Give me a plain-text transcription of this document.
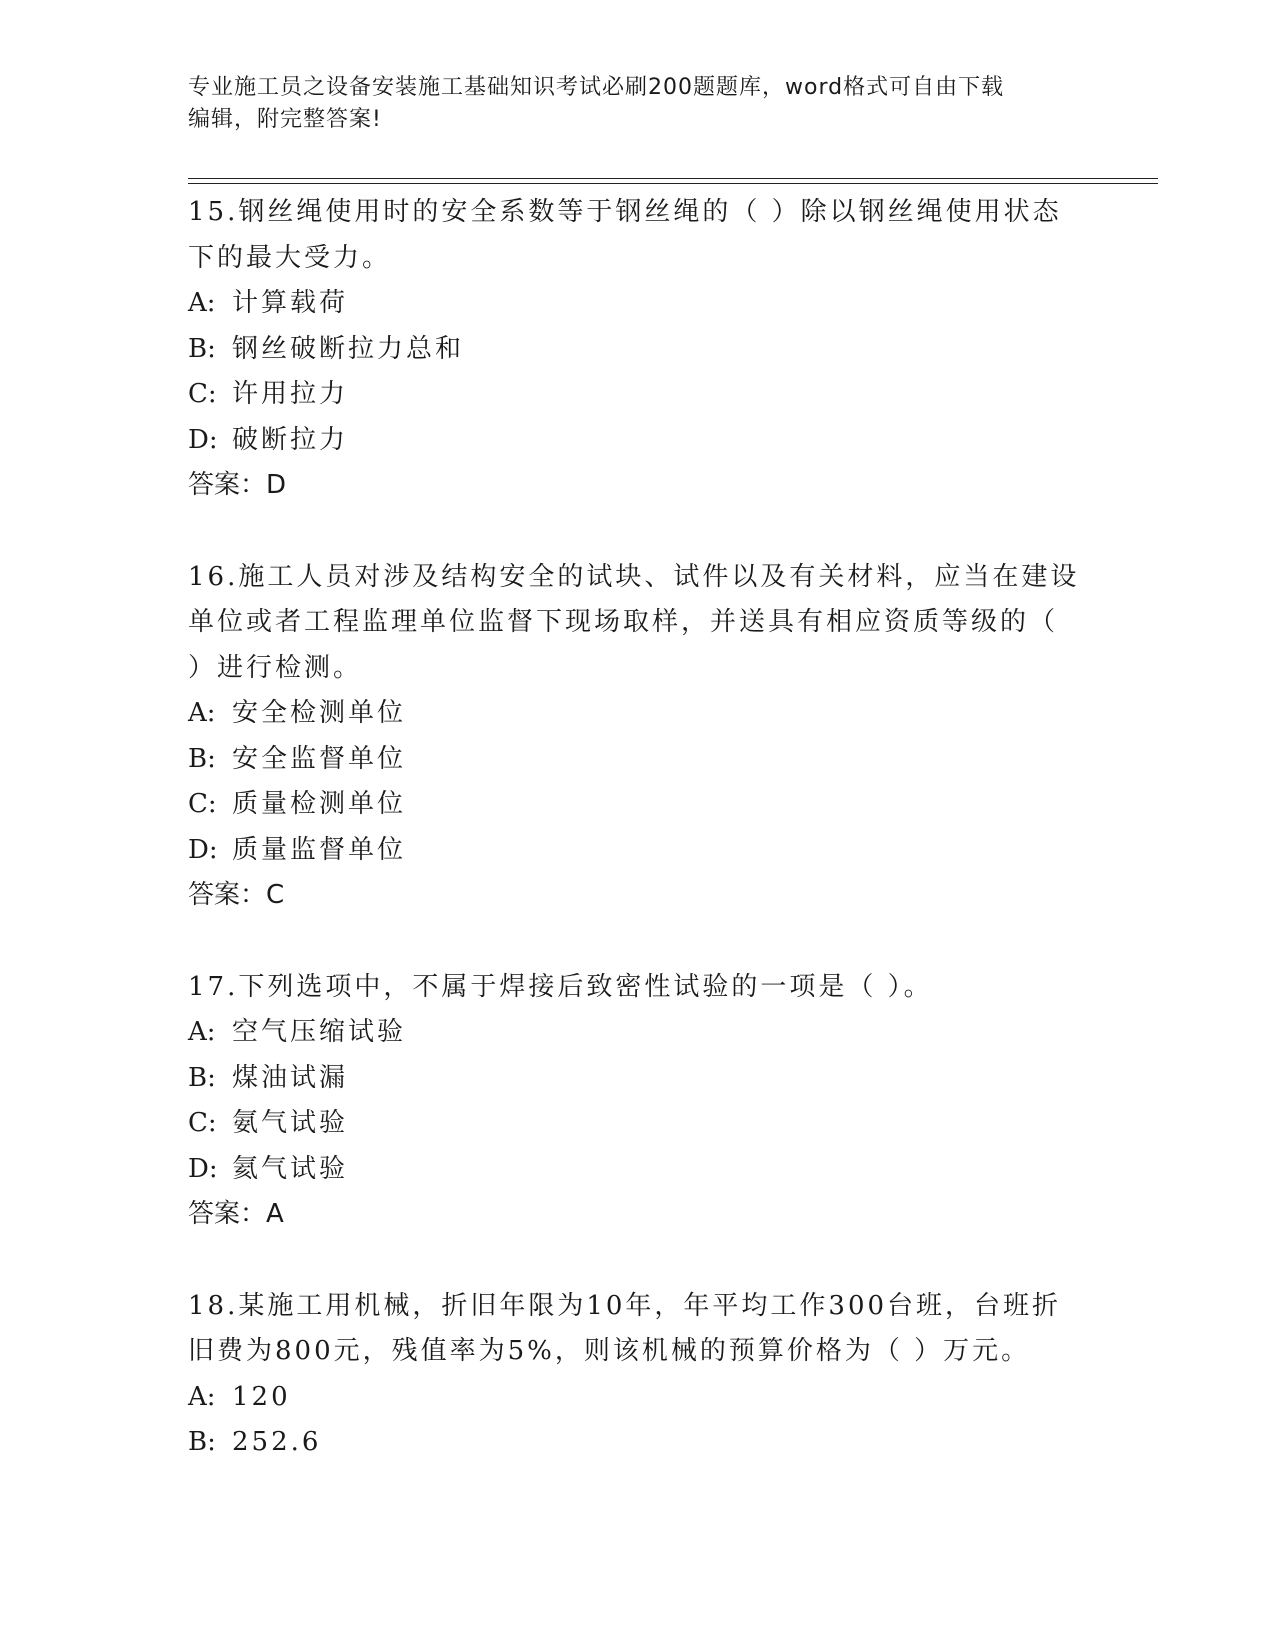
专业施工员之设备安装施工基础知识考试必刷200题题库，word格式可自由下载
编辑，附完整答案!

15.钢丝绳使用时的安全系数等于钢丝绳的（ ）除以钢丝绳使用状态

下的最大受力。

A: 计算载荷

B: 钢丝破断拉力总和

C: 许用拉力

D: 破断拉力

答案：D

16.施工人员对涉及结构安全的试块、试件以及有关材料，应当在建设

单位或者工程监理单位监督下现场取样，并送具有相应资质等级的（

）进行检测。

A: 安全检测单位

B: 安全监督单位

C: 质量检测单位

D: 质量监督单位

答案：C

17.下列选项中，不属于焊接后致密性试验的一项是（ ）。

A: 空气压缩试验

B: 煤油试漏

C: 氨气试验

D: 氦气试验

答案：A

18.某施工用机械，折旧年限为10年，年平均工作300台班，台班折

旧费为800元，残值率为5%，则该机械的预算价格为（ ）万元。

A: 120

B: 252.6
